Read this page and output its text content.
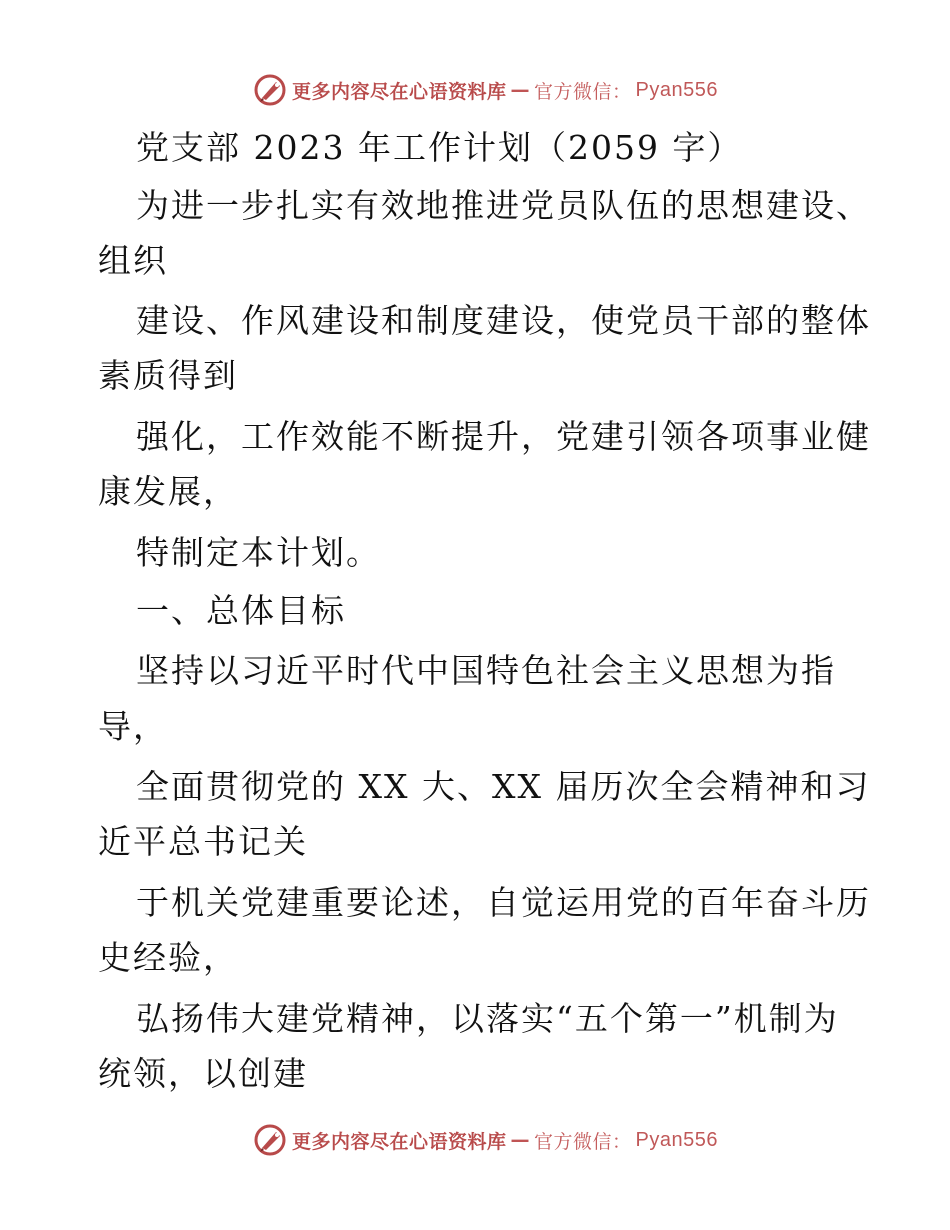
更多内容尽在心语资料库 — 官方微信： Pyan556
党支部 2023 年工作计划（2059 字）
为进一步扎实有效地推进党员队伍的思想建设、
组织
建设、作风建设和制度建设，使党员干部的整体
素质得到
强化，工作效能不断提升，党建引领各项事业健
康发展，
特制定本计划。
一、总体目标
坚持以习近平时代中国特色社会主义思想为指
导，
全面贯彻党的 XX 大、XX 届历次全会精神和习
近平总书记关
于机关党建重要论述，自觉运用党的百年奋斗历
史经验，
弘扬伟大建党精神，以落实“五个第一”机制为
统领，以创建
更多内容尽在心语资料库 — 官方微信： Pyan556
